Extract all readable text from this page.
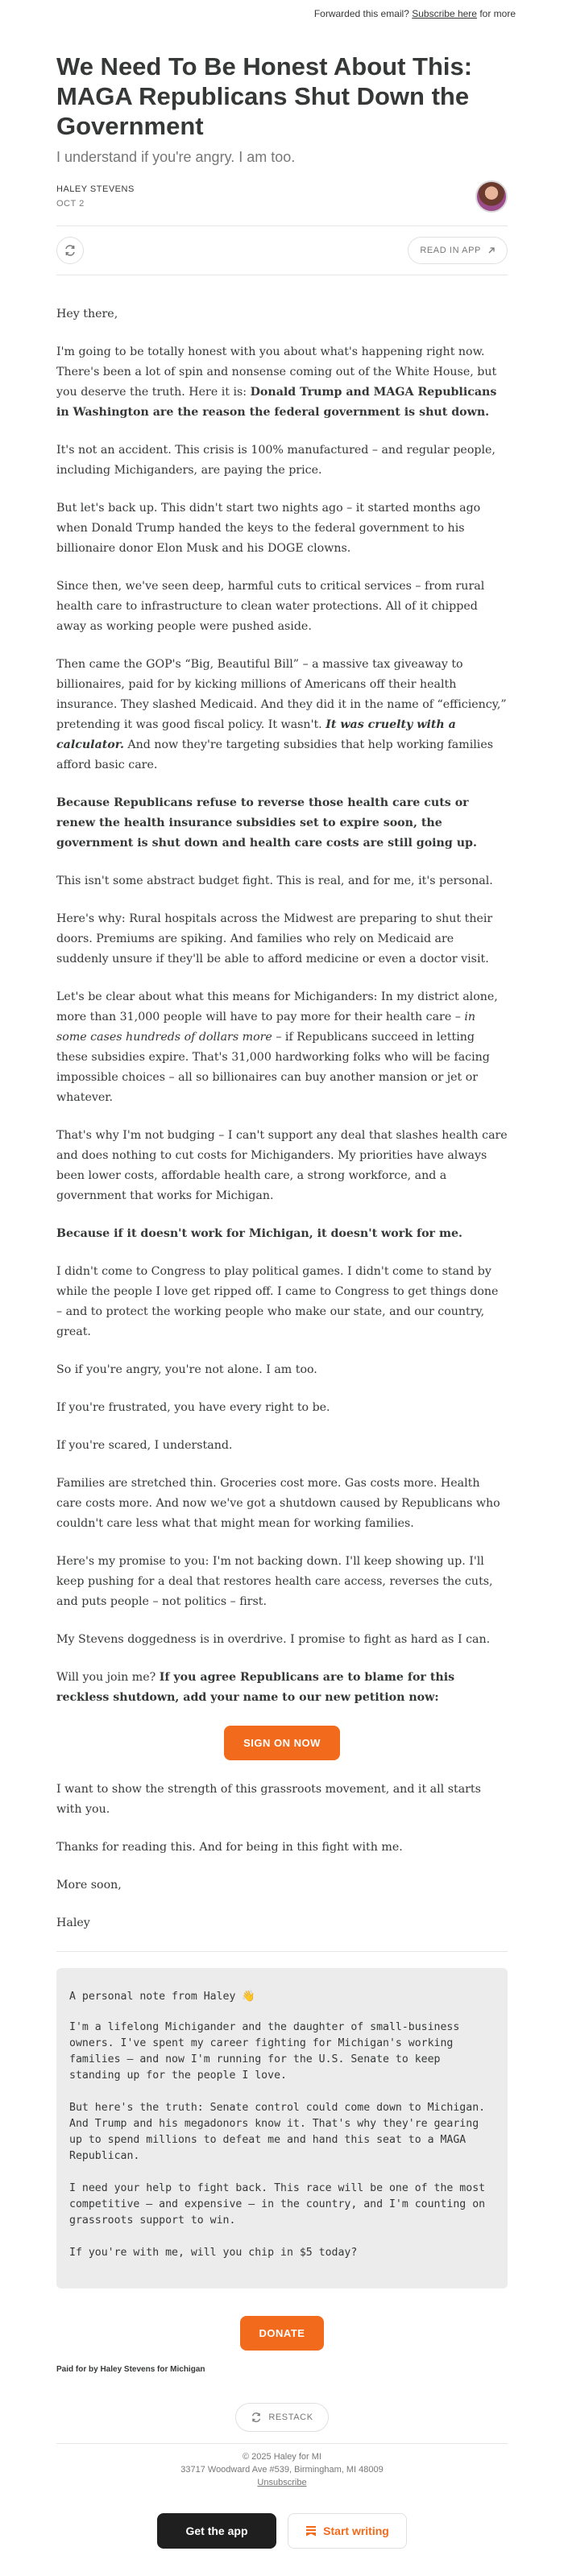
Forwarded this email? Subscribe here for more
We Need To Be Honest About This: MAGA Republicans Shut Down the Government
I understand if you're angry. I am too.
HALEY STEVENS
OCT 2
READ IN APP

Hey there,

I'm going to be totally honest with you about what's happening right now. There's been a lot of spin and nonsense coming out of the White House, but you deserve the truth. Here it is: Donald Trump and MAGA Republicans in Washington are the reason the federal government is shut down.

It's not an accident. This crisis is 100% manufactured – and regular people, including Michiganders, are paying the price.

But let's back up. This didn't start two nights ago – it started months ago when Donald Trump handed the keys to the federal government to his billionaire donor Elon Musk and his DOGE clowns.

Since then, we've seen deep, harmful cuts to critical services – from rural health care to infrastructure to clean water protections. All of it chipped away as working people were pushed aside.

Then came the GOP's “Big, Beautiful Bill” – a massive tax giveaway to billionaires, paid for by kicking millions of Americans off their health insurance. They slashed Medicaid. And they did it in the name of “efficiency,” pretending it was good fiscal policy. It wasn't. It was cruelty with a calculator. And now they're targeting subsidies that help working families afford basic care.

Because Republicans refuse to reverse those health care cuts or renew the health insurance subsidies set to expire soon, the government is shut down and health care costs are still going up.

This isn't some abstract budget fight. This is real, and for me, it's personal.

Here's why: Rural hospitals across the Midwest are preparing to shut their doors. Premiums are spiking. And families who rely on Medicaid are suddenly unsure if they'll be able to afford medicine or even a doctor visit.

Let's be clear about what this means for Michiganders: In my district alone, more than 31,000 people will have to pay more for their health care – in some cases hundreds of dollars more – if Republicans succeed in letting these subsidies expire. That's 31,000 hardworking folks who will be facing impossible choices – all so billionaires can buy another mansion or jet or whatever.

That's why I'm not budging – I can't support any deal that slashes health care and does nothing to cut costs for Michiganders. My priorities have always been lower costs, affordable health care, a strong workforce, and a government that works for Michigan.

Because if it doesn't work for Michigan, it doesn't work for me.

I didn't come to Congress to play political games. I didn't come to stand by while the people I love get ripped off. I came to Congress to get things done – and to protect the working people who make our state, and our country, great.

So if you're angry, you're not alone. I am too.

If you're frustrated, you have every right to be.

If you're scared, I understand.

Families are stretched thin. Groceries cost more. Gas costs more. Health care costs more. And now we've got a shutdown caused by Republicans who couldn't care less what that might mean for working families.

Here's my promise to you: I'm not backing down. I'll keep showing up. I'll keep pushing for a deal that restores health care access, reverses the cuts, and puts people – not politics – first.

My Stevens doggedness is in overdrive. I promise to fight as hard as I can.

Will you join me? If you agree Republicans are to blame for this reckless shutdown, add your name to our new petition now:

SIGN ON NOW

I want to show the strength of this grassroots movement, and it all starts with you.

Thanks for reading this. And for being in this fight with me.

More soon,

Haley

A personal note from Haley 👋

I'm a lifelong Michigander and the daughter of small-business owners. I've spent my career fighting for Michigan's working families – and now I'm running for the U.S. Senate to keep standing up for the people I love.

But here's the truth: Senate control could come down to Michigan. And Trump and his megadonors know it. That's why they're gearing up to spend millions to defeat me and hand this seat to a MAGA Republican.

I need your help to fight back. This race will be one of the most competitive – and expensive – in the country, and I'm counting on grassroots support to win.

If you're with me, will you chip in $5 today?

DONATE
Paid for by Haley Stevens for Michigan
RESTACK
© 2025 Haley for MI
33717 Woodward Ave #539, Birmingham, MI 48009
Unsubscribe
Get the app	Start writing
